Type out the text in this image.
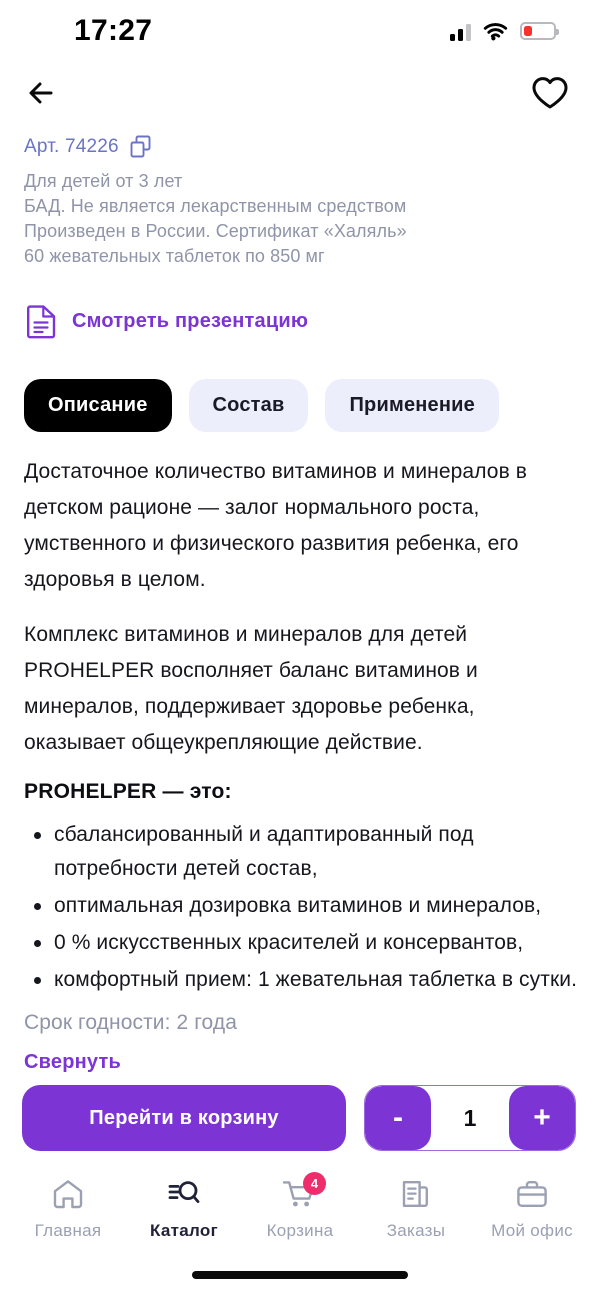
17:27
Арт. 74226
Для детей от 3 лет
БАД. Не является лекарственным средством
Произведен в России. Сертификат «Халяль»
60 жевательных таблеток по 850 мг
Смотреть презентацию
Описание	Состав	Применение

Достаточное количество витаминов и минералов в детском рационе — залог нормального роста, умственного и физического развития ребенка, его здоровья в целом.

Комплекс витаминов и минералов для детей PROHELPER восполняет баланс витаминов и минералов, поддерживает здоровье ребенка, оказывает общеукрепляющие действие.

PROHELPER — это:
сбалансированный и адаптированный под потребности детей состав,
оптимальная дозировка витаминов и минералов,
0 % искусственных красителей и консервантов,
комфортный прием: 1 жевательная таблетка в сутки.
Срок годности: 2 года
Свернуть
Перейти в корзину	-	1	+
Главная	Каталог
4
Корзина	Заказы	Мой офис
